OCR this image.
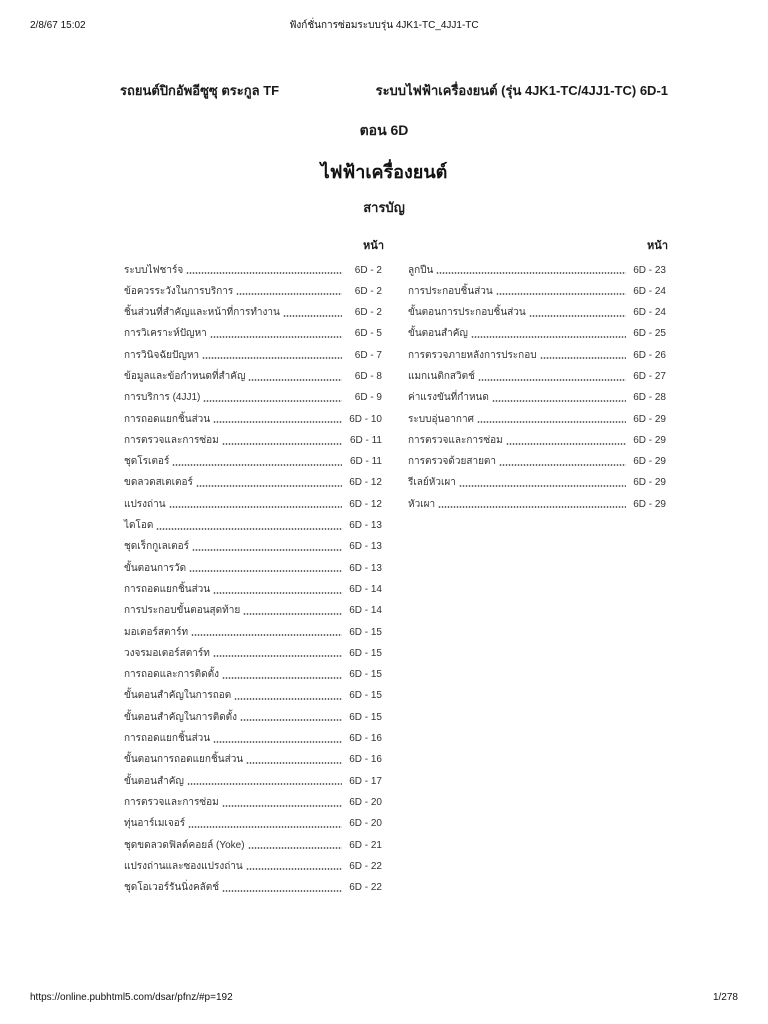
2/8/67 15:02	ฟังก์ชั่นการซ่อมระบบรุ่น 4JK1-TC_4JJ1-TC
รถยนต์ปิกอัพอีซูซุ ตระกูล TF	ระบบไฟฟ้าเครื่องยนต์ (รุ่น 4JK1-TC/4JJ1-TC) 6D-1
ตอน 6D
ไฟฟ้าเครื่องยนต์
สารบัญ
หน้า	หน้า
ระบบไฟชาร์จ	6D - 2
ข้อควรระวังในการบริการ	6D - 2
ชิ้นส่วนที่สำคัญและหน้าที่การทำงาน	6D - 2
การวิเคราะห์ปัญหา	6D - 5
การวินิจฉัยปัญหา	6D - 7
ข้อมูลและข้อกำหนดที่สำคัญ	6D - 8
การบริการ (4JJ1)	6D - 9
การถอดแยกชิ้นส่วน	6D - 10
การตรวจและการซ่อม	6D - 11
ชุดโรเตอร์	6D - 11
ขดลวดสเตเตอร์	6D - 12
แปรงถ่าน	6D - 12
ไดโอด	6D - 13
ชุดเร็กกูเลเตอร์	6D - 13
ขั้นตอนการวัด	6D - 13
การถอดแยกชิ้นส่วน	6D - 14
การประกอบขั้นตอนสุดท้าย	6D - 14
มอเตอร์สตาร์ท	6D - 15
วงจรมอเตอร์สตาร์ท	6D - 15
การถอดและการติดตั้ง	6D - 15
ขั้นตอนสำคัญในการถอด	6D - 15
ขั้นตอนสำคัญในการติดตั้ง	6D - 15
การถอดแยกชิ้นส่วน	6D - 16
ขั้นตอนการถอดแยกชิ้นส่วน	6D - 16
ขั้นตอนสำคัญ	6D - 17
การตรวจและการซ่อม	6D - 20
ทุ่นอาร์เมเจอร์	6D - 20
ชุดขดลวดฟิลด์คอยล์ (Yoke)	6D - 21
แปรงถ่านและซองแปรงถ่าน	6D - 22
ชุดโอเวอร์รันนิ่งคลัตช์	6D - 22
ลูกปืน	6D - 23
การประกอบชิ้นส่วน	6D - 24
ขั้นตอนการประกอบชิ้นส่วน	6D - 24
ขั้นตอนสำคัญ	6D - 25
การตรวจภายหลังการประกอบ	6D - 26
แมกเนติกสวิตช์	6D - 27
ค่าแรงขันที่กำหนด	6D - 28
ระบบอุ่นอากาศ	6D - 29
การตรวจและการซ่อม	6D - 29
การตรวจด้วยสายตา	6D - 29
รีเลย์หัวเผา	6D - 29
หัวเผา	6D - 29
https://online.pubhtml5.com/dsar/pfnz/#p=192	1/278
